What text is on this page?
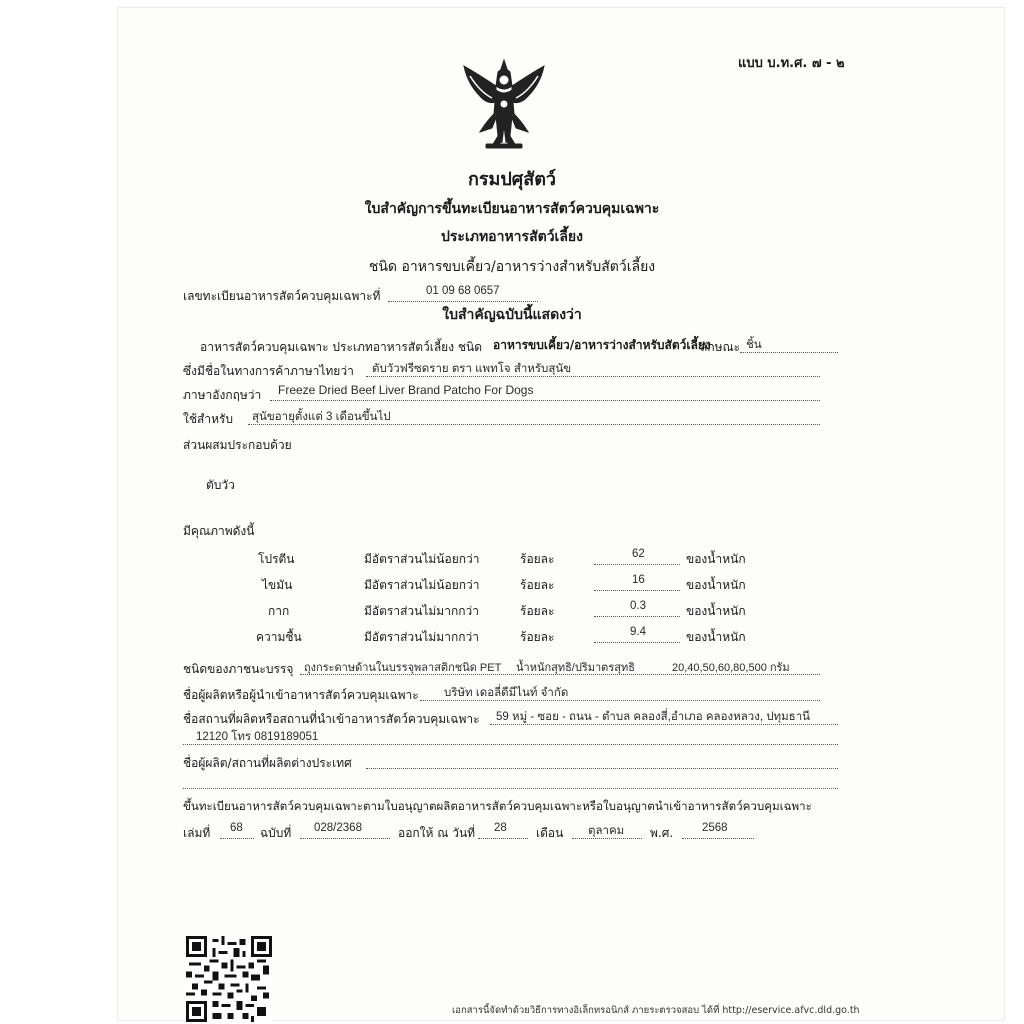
แบบ บ.ท.ศ. ๗ - ๒
กรมปศุสัตว์
ใบสำคัญการขึ้นทะเบียนอาหารสัตว์ควบคุมเฉพาะ
ประเภทอาหารสัตว์เลี้ยง
ชนิด อาหารขบเคี้ยว/อาหารว่างสำหรับสัตว์เลี้ยง
เลขทะเบียนอาหารสัตว์ควบคุมเฉพาะที่	01 09 68 0657
ใบสำคัญฉบับนี้แสดงว่า
อาหารสัตว์ควบคุมเฉพาะ ประเภทอาหารสัตว์เลี้ยง ชนิด อาหารขบเคี้ยว/อาหารว่างสำหรับสัตว์เลี้ยง
ลักษณะ ชิ้น
ซึ่งมีชื่อในทางการค้าภาษาไทยว่า ตับวัวฟรีซดราย ตรา แพทโจ สำหรับสุนัข
ภาษาอังกฤษว่า Freeze Dried Beef Liver Brand Patcho For Dogs
ใช้สำหรับ สุนัขอายุตั้งแต่ 3 เดือนขึ้นไป
ส่วนผสมประกอบด้วย
ตับวัว
มีคุณภาพดังนี้
โปรตีน	มีอัตราส่วนไม่น้อยกว่า	ร้อยละ	62	ของน้ำหนัก
ไขมัน	มีอัตราส่วนไม่น้อยกว่า	ร้อยละ	16	ของน้ำหนัก
กาก	มีอัตราส่วนไม่มากกว่า	ร้อยละ	0.3	ของน้ำหนัก
ความชื้น	มีอัตราส่วนไม่มากกว่า	ร้อยละ	9.4	ของน้ำหนัก
ชนิดของภาชนะบรรจุ ถุงกระดาษด้านในบรรจุพลาสติกชนิด PET น้ำหนักสุทธิ/ปริมาตรสุทธิ	20,40,50,60,80,500 กรัม
ชื่อผู้ผลิตหรือผู้นำเข้าอาหารสัตว์ควบคุมเฉพาะ บริษัท เดอลี่ดีมีไนท์ จำกัด
ชื่อสถานที่ผลิตหรือสถานที่นำเข้าอาหารสัตว์ควบคุมเฉพาะ 59 หมู่ - ซอย - ถนน - ตำบล คลองสี่,อำเภอ คลองหลวง, ปทุมธานี
12120 โทร 0819189051
ชื่อผู้ผลิต/สถานที่ผลิตต่างประเทศ
ขึ้นทะเบียนอาหารสัตว์ควบคุมเฉพาะตามใบอนุญาตผลิตอาหารสัตว์ควบคุมเฉพาะหรือใบอนุญาตนำเข้าอาหารสัตว์ควบคุมเฉพาะ
เล่มที่ 68 ฉบับที่ 028/2368	ออกให้ ณ วันที่ 28 เดือน ตุลาคม พ.ศ.	2568
เอกสารนี้จัดทำด้วยวิธีการทางอิเล็กทรอนิกส์ ภายระตรวจสอบ ได้ที่ http://eservice.afvc.dld.go.th
